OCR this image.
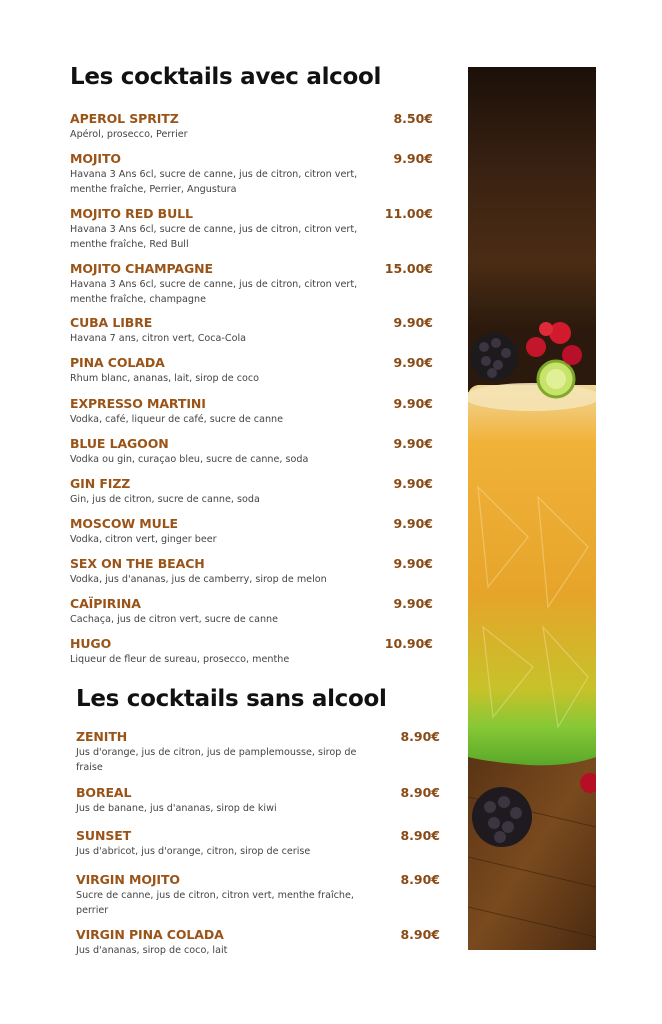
Les cocktails avec alcool
Les cocktails sans alcool
APEROL SPRITZ
Apérol, prosecco, Perrier
8.50€
MOJITO
Havana 3 Ans 6cl, sucre de canne, jus de citron, citron vert, menthe fraîche, Perrier, Angustura
9.90€
MOJITO RED BULL
Havana 3 Ans 6cl, sucre de canne, jus de citron, citron vert, menthe fraîche, Red Bull
11.00€
MOJITO CHAMPAGNE
Havana 3 Ans 6cl, sucre de canne, jus de citron, citron vert, menthe fraîche, champagne
15.00€
CUBA LIBRE
Havana 7 ans, citron vert, Coca-Cola
9.90€
PINA COLADA
Rhum blanc, ananas, lait, sirop de coco
9.90€
EXPRESSO MARTINI
Vodka, café, liqueur de café, sucre de canne
9.90€
BLUE LAGOON
Vodka ou gin, curaçao bleu, sucre de canne, soda
9.90€
GIN FIZZ
Gin, jus de citron, sucre de canne, soda
9.90€
MOSCOW MULE
Vodka, citron vert, ginger beer
9.90€
SEX ON THE BEACH
Vodka, jus d'ananas, jus de camberry, sirop de melon
9.90€
CAÏPIRINA
Cachaça, jus de citron vert, sucre de canne
9.90€
HUGO
Liqueur de fleur de sureau, prosecco, menthe
10.90€
ZENITH
Jus d'orange, jus de citron, jus de pamplemousse, sirop de fraise
8.90€
BOREAL
Jus de banane, jus d'ananas, sirop de kiwi
8.90€
SUNSET
Jus d'abricot, jus d'orange, citron, sirop de cerise
8.90€
VIRGIN MOJITO
Sucre de canne, jus de citron, citron vert, menthe fraîche, perrier
8.90€
VIRGIN PINA COLADA
Jus d'ananas, sirop de coco, lait
8.90€
